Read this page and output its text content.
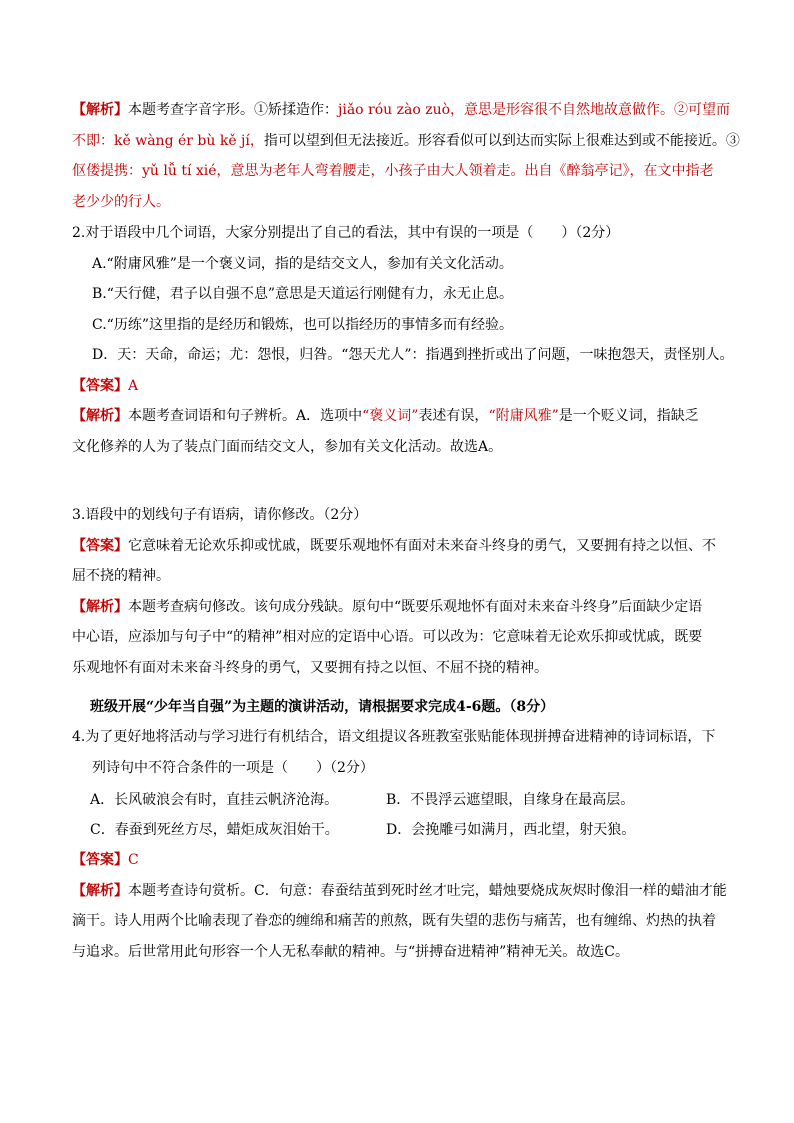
【解析】本题考查字音字形。①矫揉造作：jiǎo róu zào zuò，意思是形容很不自然地故意做作。②可望而
不即：kě wàng ér bù kě jí，指可以望到但无法接近。形容看似可以到达而实际上很难达到或不能接近。③
伛偻提携：yǔ lǚ tí xié，意思为老年人弯着腰走，小孩子由大人领着走。出自《醉翁亭记》，在文中指老
老少少的行人。
2.对于语段中几个词语，大家分别提出了自己的看法，其中有误的一项是（　　）（2分）
A.“附庸风雅”是一个褒义词，指的是结交文人，参加有关文化活动。
B.“天行健，君子以自强不息”意思是天道运行刚健有力，永无止息。
C.“历练”这里指的是经历和锻炼，也可以指经历的事情多而有经验。
D．天：天命，命运；尤：怨恨，归咎。“怨天尤人”：指遇到挫折或出了问题，一味抱怨天，责怪别人。
【答案】A
【解析】本题考查词语和句子辨析。A．选项中“褒义词”表述有误，“附庸风雅”是一个贬义词，指缺乏
文化修养的人为了装点门面而结交文人，参加有关文化活动。故选A。
3.语段中的划线句子有语病，请你修改。（2分）
【答案】它意味着无论欢乐抑或忧戚，既要乐观地怀有面对未来奋斗终身的勇气，又要拥有持之以恒、不
屈不挠的精神。
【解析】本题考查病句修改。该句成分残缺。原句中“既要乐观地怀有面对未来奋斗终身”后面缺少定语
中心语，应添加与句子中“的精神”相对应的定语中心语。可以改为：它意味着无论欢乐抑或忧戚，既要
乐观地怀有面对未来奋斗终身的勇气，又要拥有持之以恒、不屈不挠的精神。
班级开展“少年当自强”为主题的演讲活动，请根据要求完成4-6题。（8分）
4.为了更好地将活动与学习进行有机结合，语文组提议各班教室张贴能体现拼搏奋进精神的诗词标语，下
列诗句中不符合条件的一项是（　　）（2分）
A．长风破浪会有时，直挂云帆济沧海。	B．不畏浮云遮望眼，自缘身在最高层。
C．春蚕到死丝方尽，蜡炬成灰泪始干。	D．会挽雕弓如满月，西北望，射天狼。
【答案】C
【解析】本题考查诗句赏析。C．句意：春蚕结茧到死时丝才吐完，蜡烛要烧成灰烬时像泪一样的蜡油才能
滴干。诗人用两个比喻表现了眷恋的缠绵和痛苦的煎熬，既有失望的悲伤与痛苦，也有缠绵、灼热的执着
与追求。后世常用此句形容一个人无私奉献的精神。与“拼搏奋进精神”精神无关。故选C。
